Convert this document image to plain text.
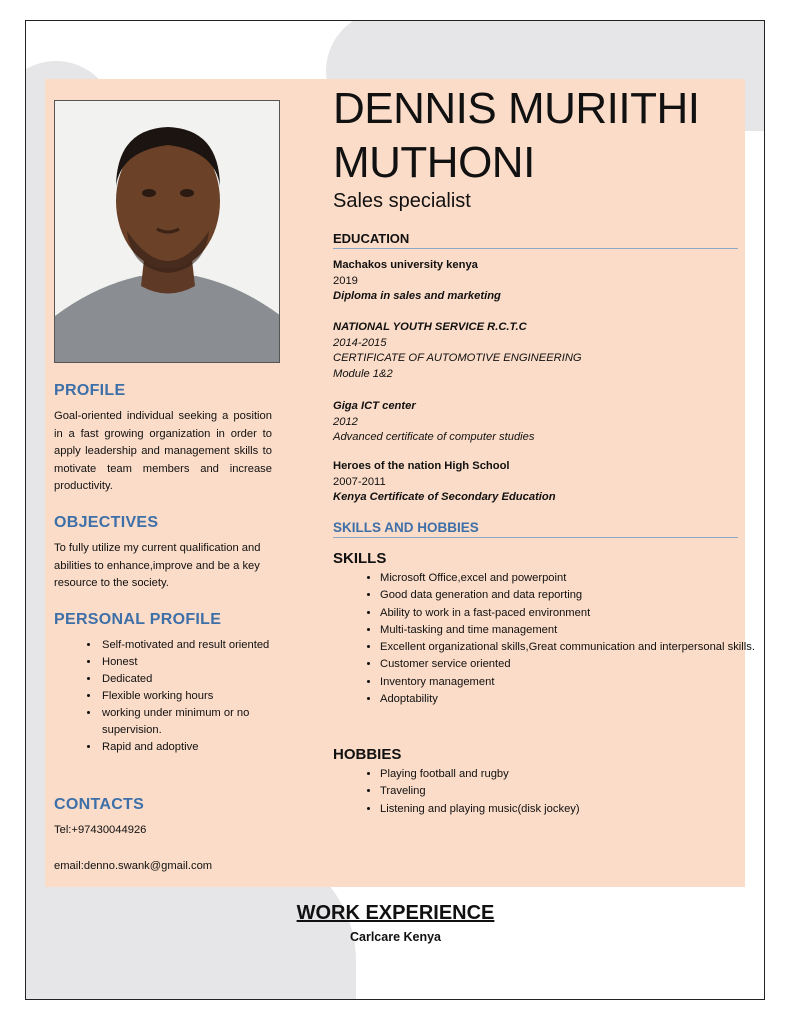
DENNIS MURIITHI
MUTHONI
Sales specialist
PROFILE

Goal-oriented individual seeking a position in a fast growing organization in order to apply leadership and management skills to motivate team members and increase productivity.

OBJECTIVES

To fully utilize my current qualification and abilities to enhance,improve and be a key resource to the society.

PERSONAL PROFILE
• Self-motivated and result oriented
• Honest
• Dedicated
• Flexible working hours
• working under minimum or no supervision.
• Rapid and adoptive
CONTACTS

Tel:+97430044926

email:denno.swank@gmail.com

EDUCATION
Machakos university kenya
2019
Diploma in sales and marketing
NATIONAL YOUTH SERVICE R.C.T.C
2014-2015
CERTIFICATE OF AUTOMOTIVE ENGINEERING
Module 1&2
Giga ICT center
2012
Advanced certificate of computer studies
Heroes of the nation High School
2007-2011
Kenya Certificate of Secondary Education
SKILLS AND HOBBIES
SKILLS
• Microsoft Office,excel and powerpoint
• Good data generation and data reporting
• Ability to work in a fast-paced environment
• Multi-tasking and time management
• Excellent organizational skills,Great communication and interpersonal skills.
• Customer service oriented
• Inventory management
• Adoptability
HOBBIES
• Playing football and rugby
• Traveling
• Listening and playing music(disk jockey)
WORK EXPERIENCE
Carlcare Kenya
